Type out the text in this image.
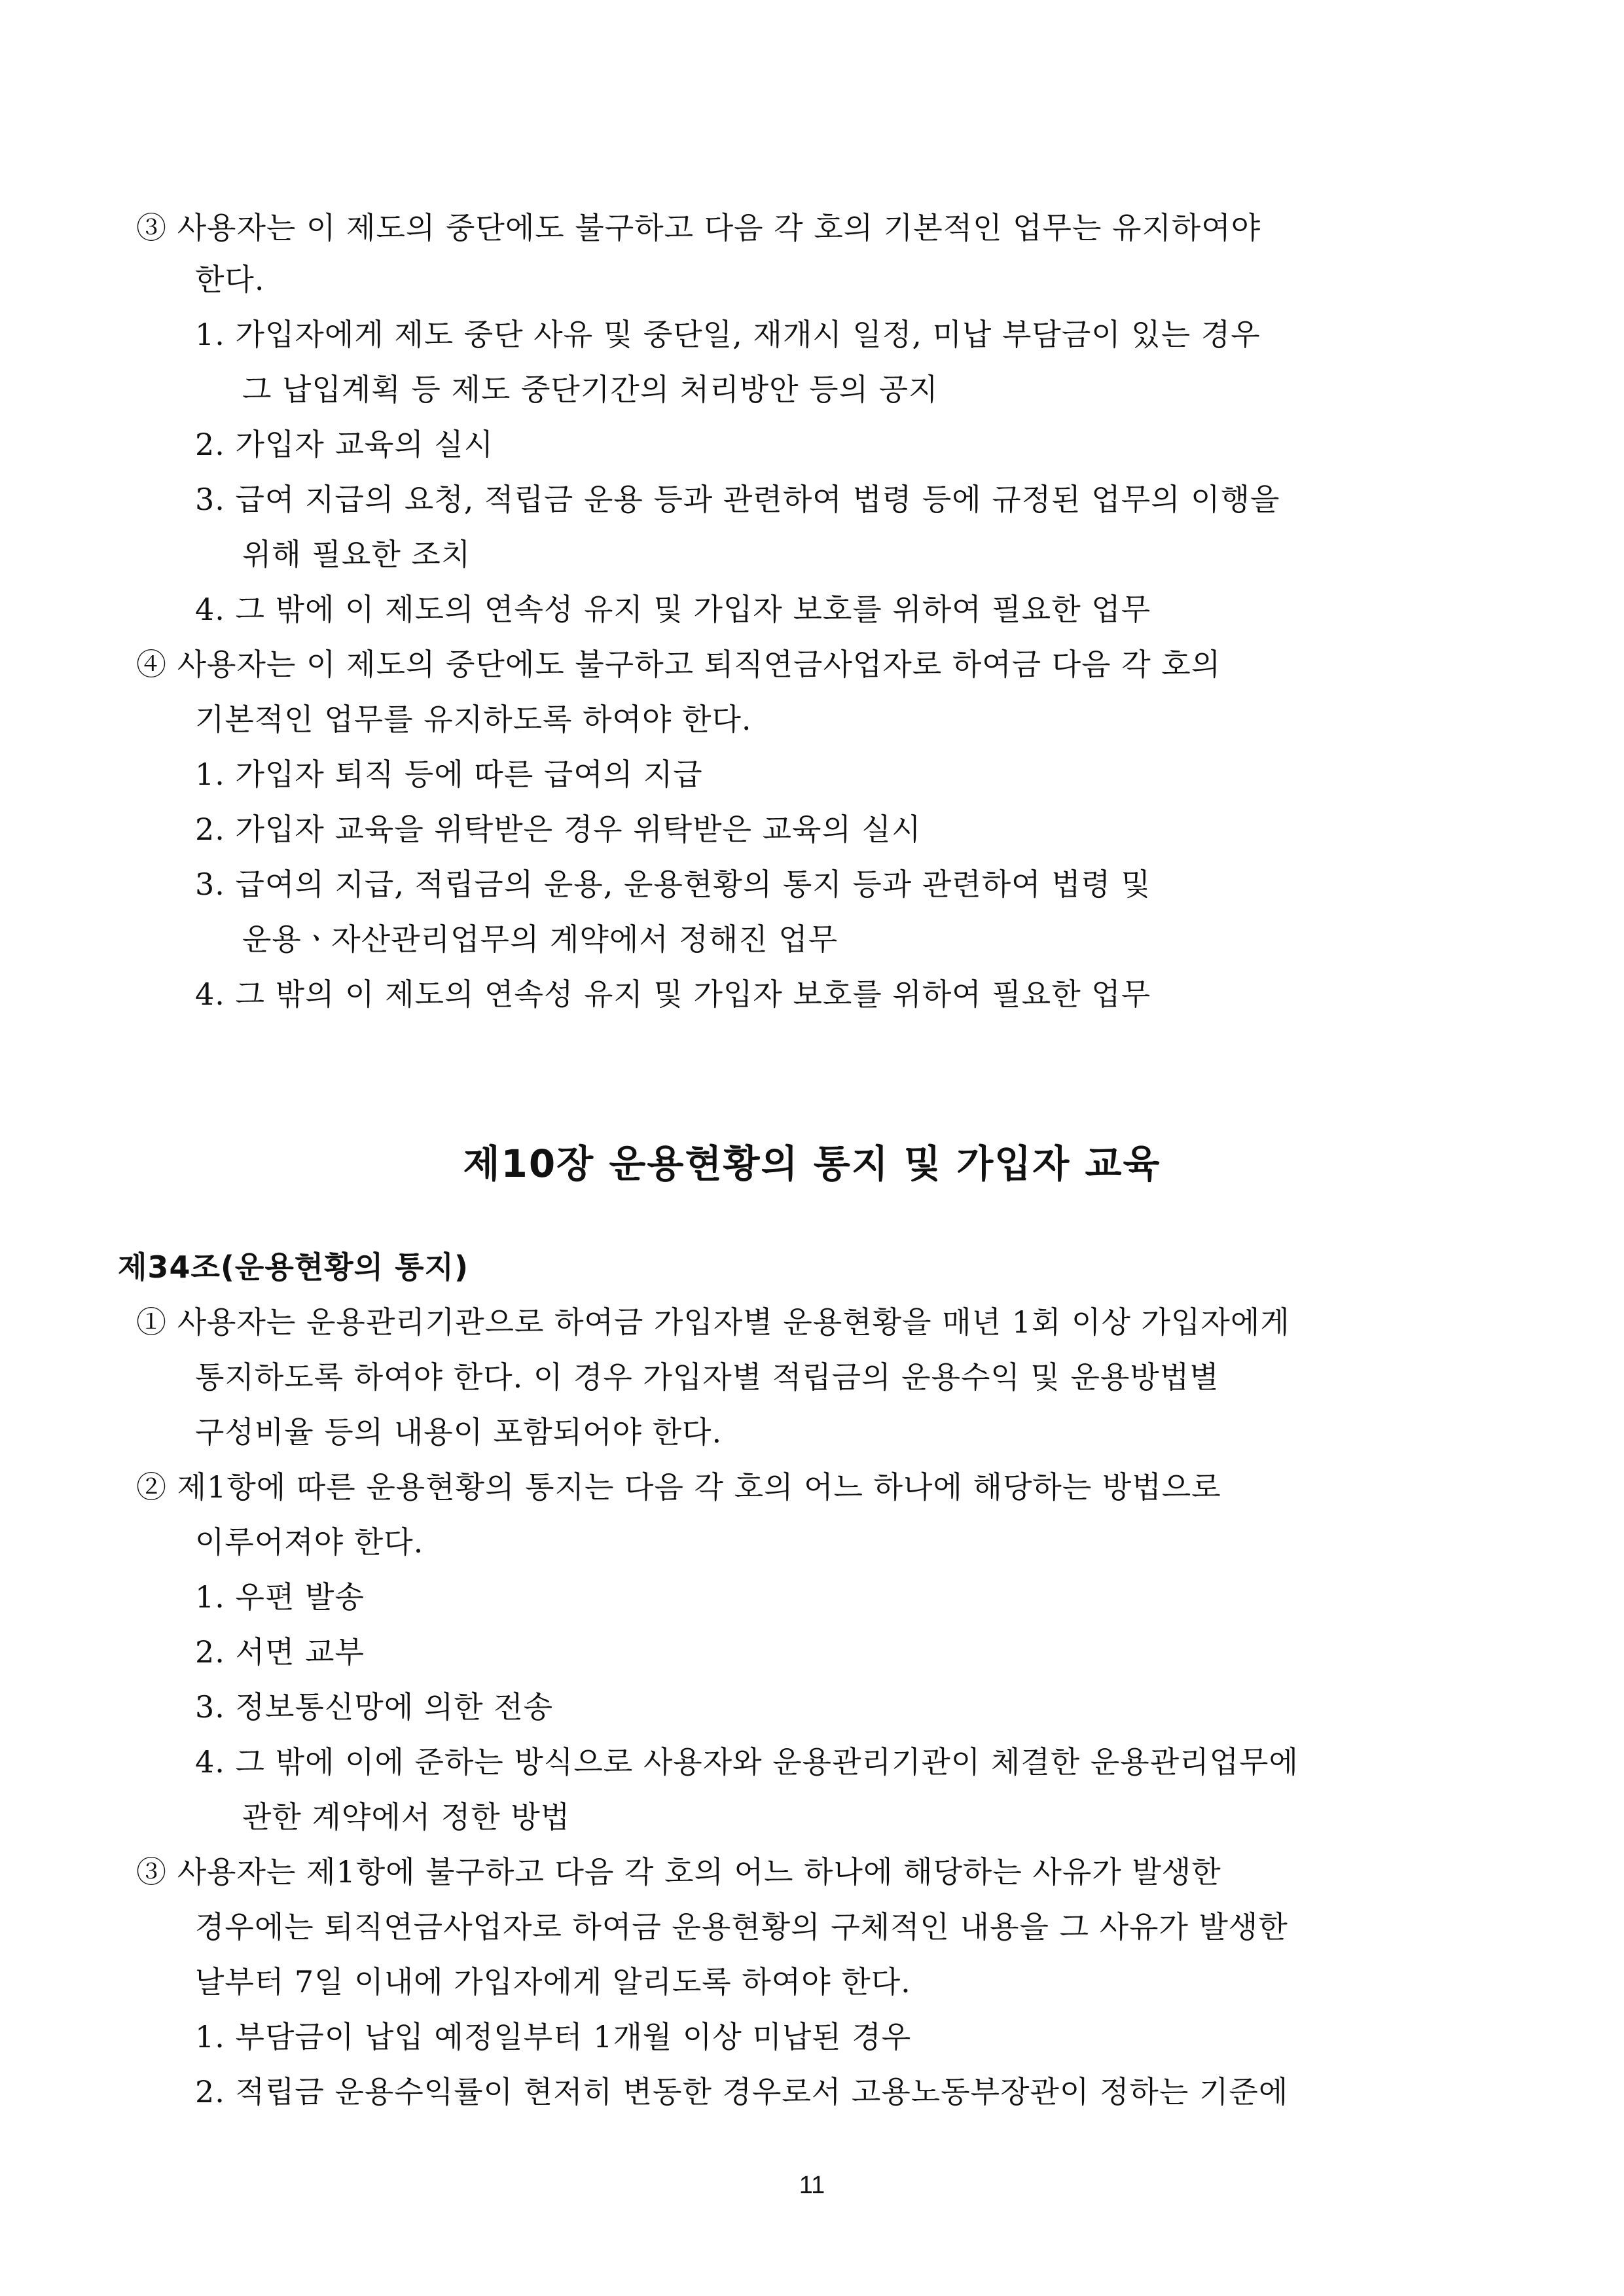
③ 사용자는 이 제도의 중단에도 불구하고 다음 각 호의 기본적인 업무는 유지하여야
한다.
1. 가입자에게 제도 중단 사유 및 중단일, 재개시 일정, 미납 부담금이 있는 경우
그 납입계획 등 제도 중단기간의 처리방안 등의 공지
2. 가입자 교육의 실시
3. 급여 지급의 요청, 적립금 운용 등과 관련하여 법령 등에 규정된 업무의 이행을
위해 필요한 조치
4. 그 밖에 이 제도의 연속성 유지 및 가입자 보호를 위하여 필요한 업무
④ 사용자는 이 제도의 중단에도 불구하고 퇴직연금사업자로 하여금 다음 각 호의
기본적인 업무를 유지하도록 하여야 한다.
1. 가입자 퇴직 등에 따른 급여의 지급
2. 가입자 교육을 위탁받은 경우 위탁받은 교육의 실시
3. 급여의 지급, 적립금의 운용, 운용현황의 통지 등과 관련하여 법령 및
운용ㆍ자산관리업무의 계약에서 정해진 업무
4. 그 밖의 이 제도의 연속성 유지 및 가입자 보호를 위하여 필요한 업무
제10장 운용현황의 통지 및 가입자 교육
제34조(운용현황의 통지)
① 사용자는 운용관리기관으로 하여금 가입자별 운용현황을 매년 1회 이상 가입자에게
통지하도록 하여야 한다. 이 경우 가입자별 적립금의 운용수익 및 운용방법별
구성비율 등의 내용이 포함되어야 한다.
② 제1항에 따른 운용현황의 통지는 다음 각 호의 어느 하나에 해당하는 방법으로
이루어져야 한다.
1. 우편 발송
2. 서면 교부
3. 정보통신망에 의한 전송
4. 그 밖에 이에 준하는 방식으로 사용자와 운용관리기관이 체결한 운용관리업무에
관한 계약에서 정한 방법
③ 사용자는 제1항에 불구하고 다음 각 호의 어느 하나에 해당하는 사유가 발생한
경우에는 퇴직연금사업자로 하여금 운용현황의 구체적인 내용을 그 사유가 발생한
날부터 7일 이내에 가입자에게 알리도록 하여야 한다.
1. 부담금이 납입 예정일부터 1개월 이상 미납된 경우
2. 적립금 운용수익률이 현저히 변동한 경우로서 고용노동부장관이 정하는 기준에
11
